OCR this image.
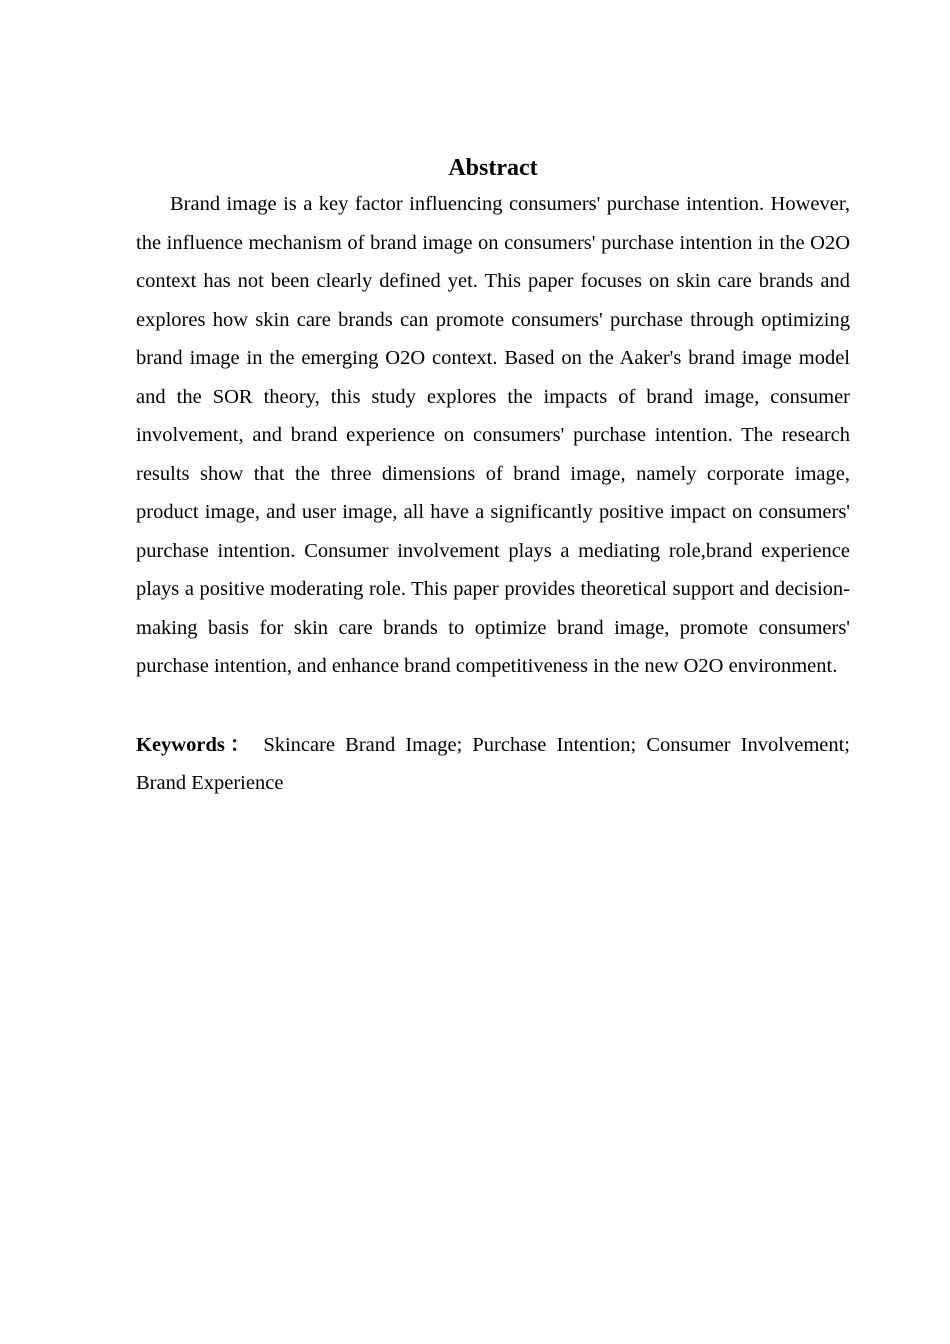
Abstract

Brand image is a key factor influencing consumers' purchase intention. However, the influence mechanism of brand image on consumers' purchase intention in the O2O context has not been clearly defined yet. This paper focuses on skin care brands and explores how skin care brands can promote consumers' purchase through optimizing brand image in the emerging O2O context. Based on the Aaker's brand image model and the SOR theory, this study explores the impacts of brand image, consumer involvement, and brand experience on consumers' purchase intention. The research results show that the three dimensions of brand image, namely corporate image, product image, and user image, all have a significantly positive impact on consumers' purchase intention. Consumer involvement plays a mediating role,brand experience plays a positive moderating role. This paper provides theoretical support and decision-making basis for skin care brands to optimize brand image, promote consumers' purchase intention, and enhance brand competitiveness in the new O2O environment.

Keywords： Skincare Brand Image; Purchase Intention; Consumer Involvement; Brand Experience
